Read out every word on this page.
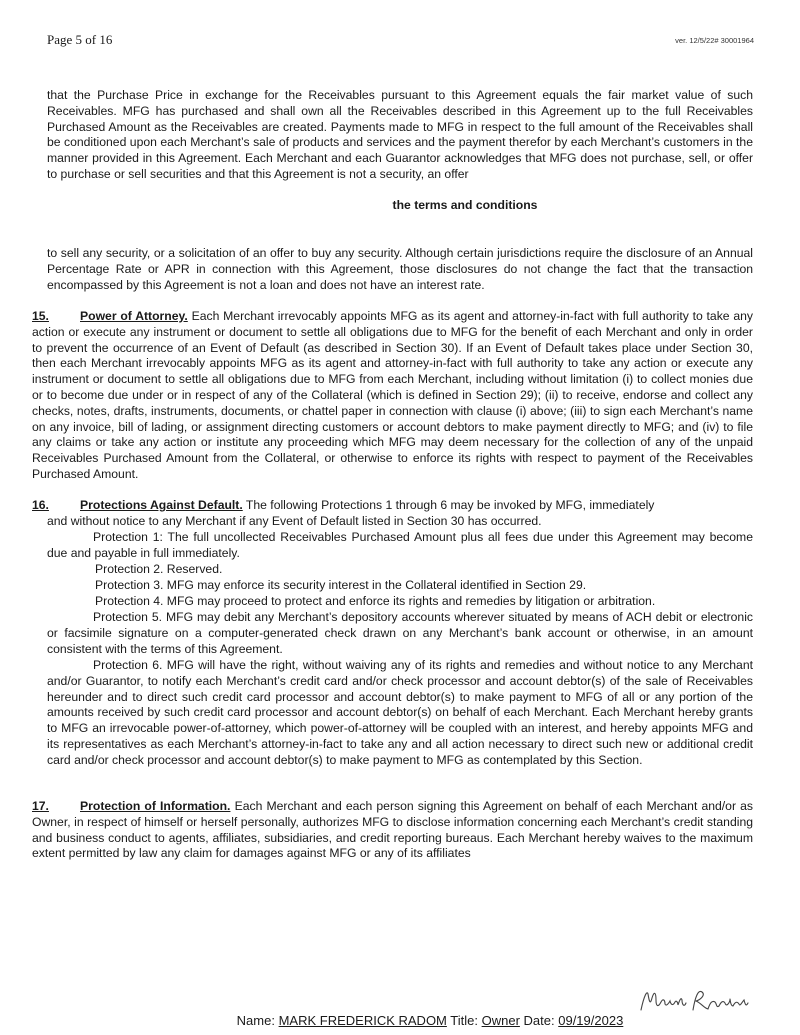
Page 5 of 16	ver. 12/5/22# 30001964

that the Purchase Price in exchange for the Receivables pursuant to this Agreement equals the fair market value of such Receivables. MFG has purchased and shall own all the Receivables described in this Agreement up to the full Receivables Purchased Amount as the Receivables are created. Payments made to MFG in respect to the full amount of the Receivables shall be conditioned upon each Merchant’s sale of products and services and the payment therefor by each Merchant’s customers in the manner provided in this Agreement. Each Merchant and each Guarantor acknowledges that MFG does not purchase, sell, or offer to purchase or sell securities and that this Agreement is not a security, an offer

the terms and conditions

to sell any security, or a solicitation of an offer to buy any security. Although certain jurisdictions require the disclosure of an Annual Percentage Rate or APR in connection with this Agreement, those disclosures do not change the fact that the transaction encompassed by this Agreement is not a loan and does not have an interest rate.

15.	Power of Attorney. Each Merchant irrevocably appoints MFG as its agent and attorney-in-fact with full authority to take any action or execute any instrument or document to settle all obligations due to MFG for the benefit of each Merchant and only in order to prevent the occurrence of an Event of Default (as described in Section 30). If an Event of Default takes place under Section 30, then each Merchant irrevocably appoints MFG as its agent and attorney-in-fact with full authority to take any action or execute any instrument or document to settle all obligations due to MFG from each Merchant, including without limitation (i) to collect monies due or to become due under or in respect of any of the Collateral (which is defined in Section 29); (ii) to receive, endorse and collect any checks, notes, drafts, instruments, documents, or chattel paper in connection with clause (i) above; (iii) to sign each Merchant’s name on any invoice, bill of lading, or assignment directing customers or account debtors to make payment directly to MFG; and (iv) to file any claims or take any action or institute any proceeding which MFG may deem necessary for the collection of any of the unpaid Receivables Purchased Amount from the Collateral, or otherwise to enforce its rights with respect to payment of the Receivables Purchased Amount.

16.	Protections Against Default. The following Protections 1 through 6 may be invoked by MFG, immediately

and without notice to any Merchant if any Event of Default listed in Section 30 has occurred.

Protection 1: The full uncollected Receivables Purchased Amount plus all fees due under this Agreement may become due and payable in full immediately.

Protection 2. Reserved.

Protection 3. MFG may enforce its security interest in the Collateral identified in Section 29.

Protection 4. MFG may proceed to protect and enforce its rights and remedies by litigation or arbitration.

Protection 5. MFG may debit any Merchant’s depository accounts wherever situated by means of ACH debit or electronic or facsimile signature on a computer-generated check drawn on any Merchant’s bank account or otherwise, in an amount consistent with the terms of this Agreement.

Protection 6. MFG will have the right, without waiving any of its rights and remedies and without notice to any Merchant and/or Guarantor, to notify each Merchant’s credit card and/or check processor and account debtor(s) of the sale of Receivables hereunder and to direct such credit card processor and account debtor(s) to make payment to MFG of all or any portion of the amounts received by such credit card processor and account debtor(s) on behalf of each Merchant. Each Merchant hereby grants to MFG an irrevocable power-of-attorney, which power-of-attorney will be coupled with an interest, and hereby appoints MFG and its representatives as each Merchant’s attorney-in-fact to take any and all action necessary to direct such new or additional credit card and/or check processor and account debtor(s) to make payment to MFG as contemplated by this Section.

17.	Protection of Information. Each Merchant and each person signing this Agreement on behalf of each Merchant and/or as Owner, in respect of himself or herself personally, authorizes MFG to disclose information concerning each Merchant’s credit standing and business conduct to agents, affiliates, subsidiaries, and credit reporting bureaus. Each Merchant hereby waives to the maximum extent permitted by law any claim for damages against MFG or any of its affiliates

Name: MARK FREDERICK RADOM Title: Owner Date: 09/19/2023
